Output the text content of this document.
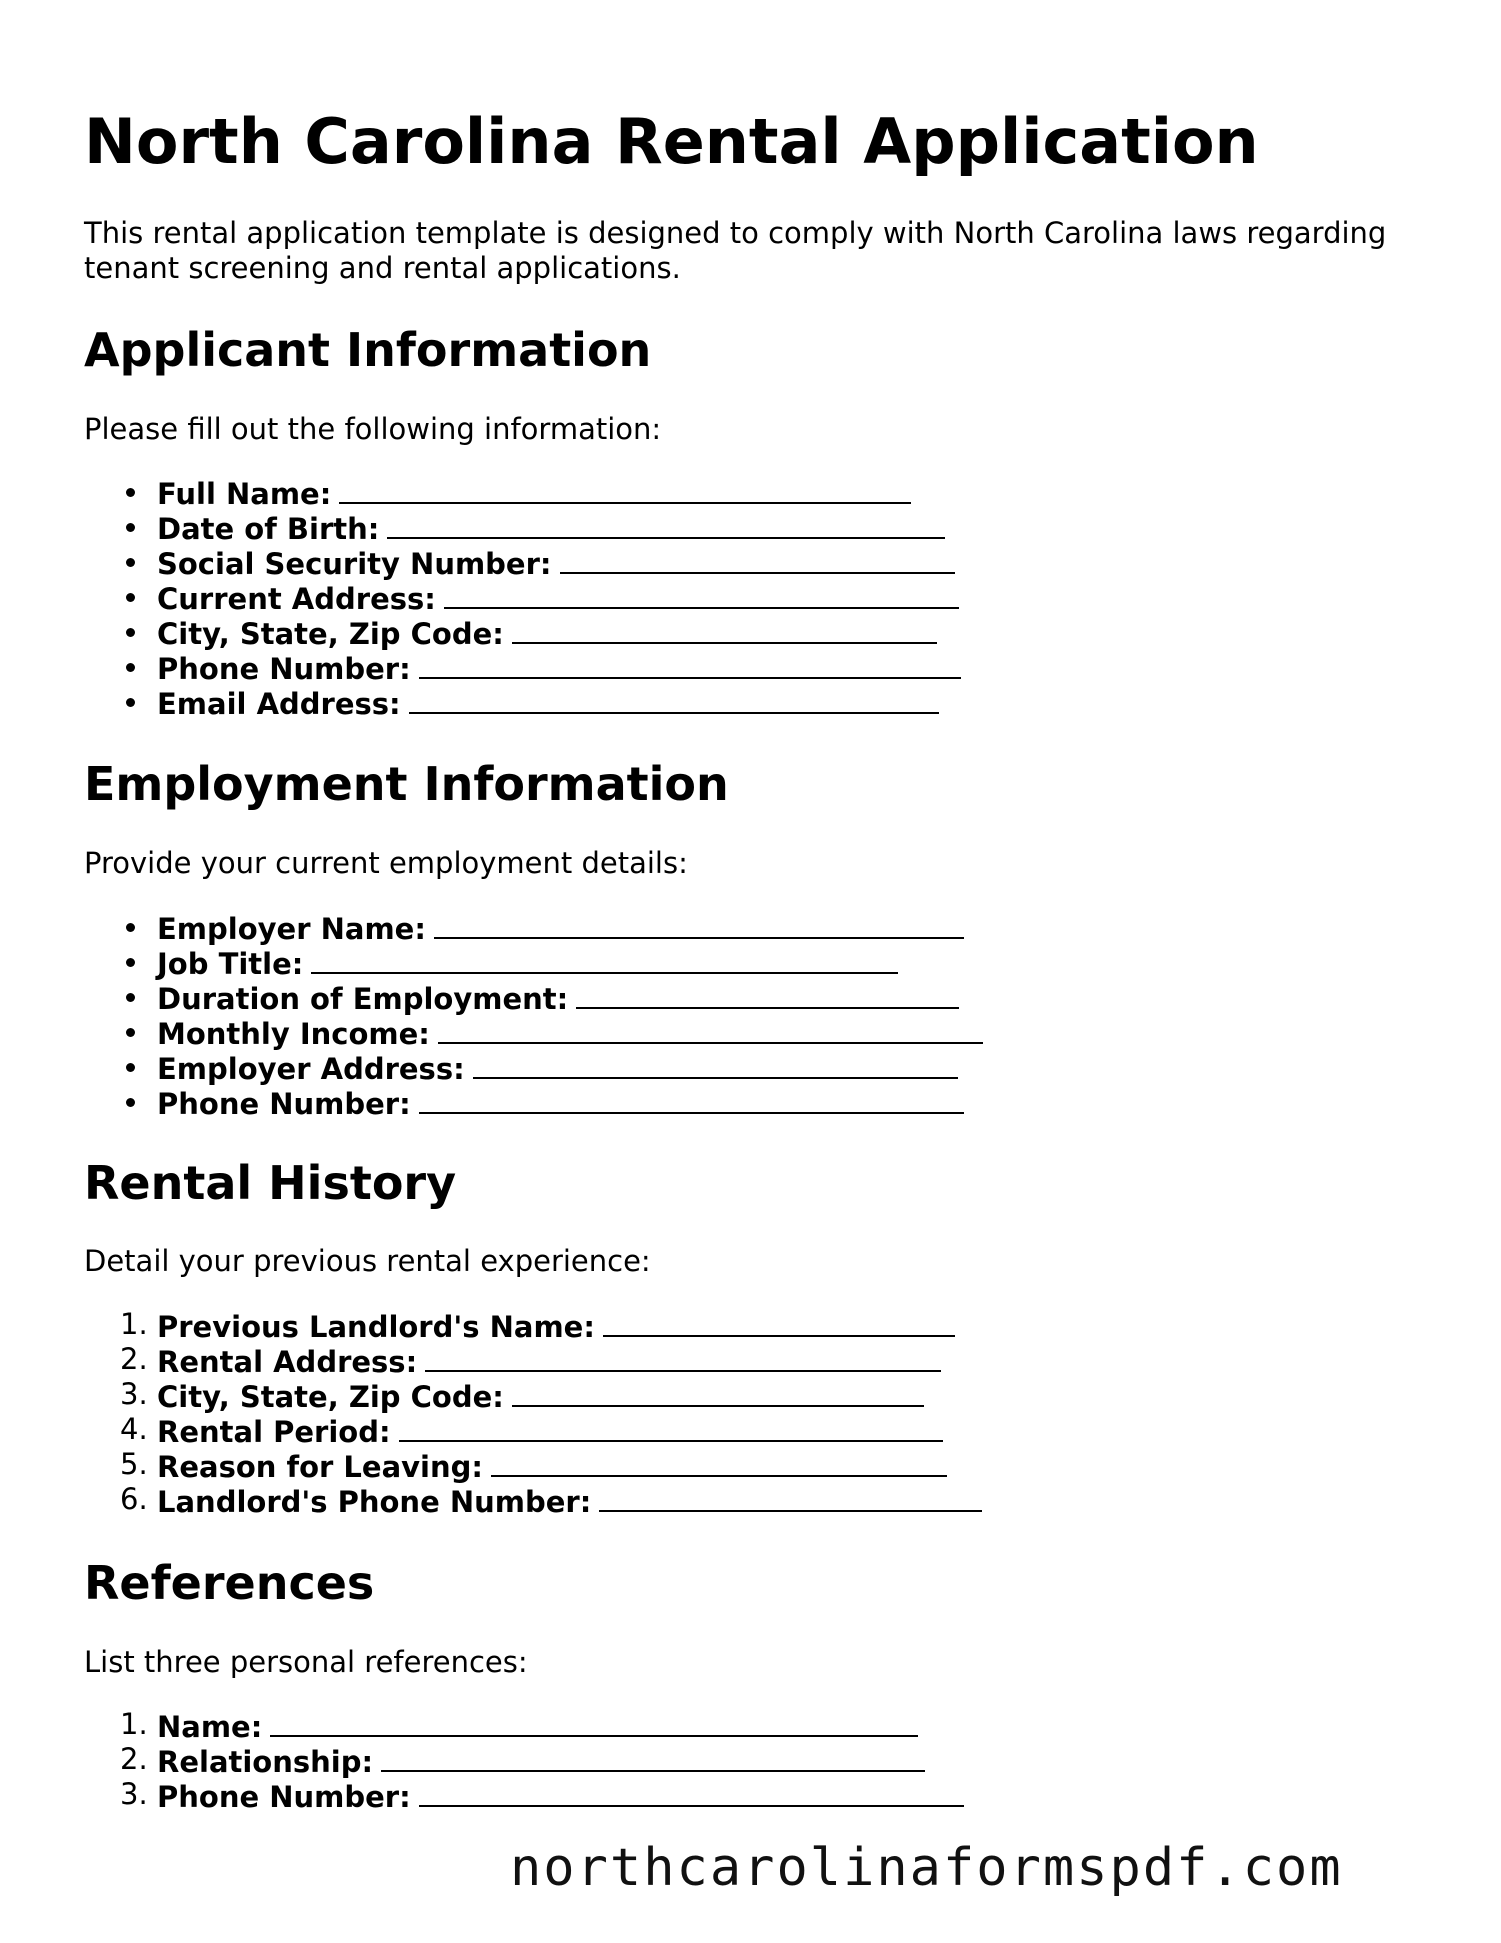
North Carolina Rental Application

This rental application template is designed to comply with North Carolina laws regarding tenant screening and rental applications.

Applicant Information

Please fill out the following information:

Full Name:
Date of Birth:
Social Security Number:
Current Address:
City, State, Zip Code:
Phone Number:
Email Address:
Employment Information

Provide your current employment details:

Employer Name:
Job Title:
Duration of Employment:
Monthly Income:
Employer Address:
Phone Number:
Rental History

Detail your previous rental experience:

1. Previous Landlord's Name:
2. Rental Address:
3. City, State, Zip Code:
4. Rental Period:
5. Reason for Leaving:
6. Landlord's Phone Number:
References

List three personal references:

1. Name:
2. Relationship:
3. Phone Number:
northcarolinaformspdf.com
